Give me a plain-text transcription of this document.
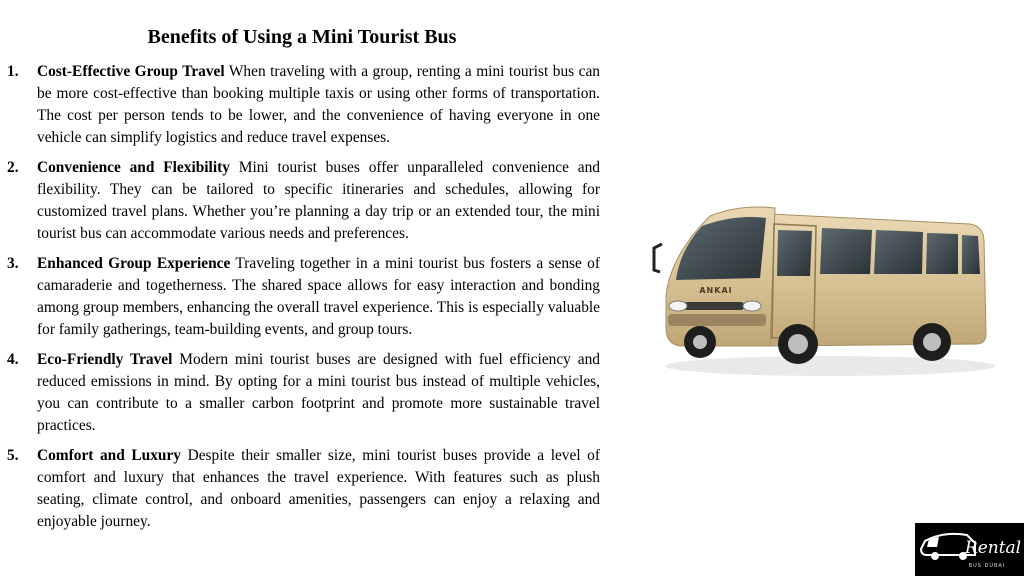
Benefits of Using a Mini Tourist Bus
1. Cost-Effective Group Travel When traveling with a group, renting a mini tourist bus can be more cost-effective than booking multiple taxis or using other forms of transportation. The cost per person tends to be lower, and the convenience of having everyone in one vehicle can simplify logistics and reduce travel expenses.
2. Convenience and Flexibility Mini tourist buses offer unparalleled convenience and flexibility. They can be tailored to specific itineraries and schedules, allowing for customized travel plans. Whether you’re planning a day trip or an extended tour, the mini tourist bus can accommodate various needs and preferences.
3. Enhanced Group Experience Traveling together in a mini tourist bus fosters a sense of camaraderie and togetherness. The shared space allows for easy interaction and bonding among group members, enhancing the overall travel experience. This is especially valuable for family gatherings, team-building events, and group tours.
4. Eco-Friendly Travel Modern mini tourist buses are designed with fuel efficiency and reduced emissions in mind. By opting for a mini tourist bus instead of multiple vehicles, you can contribute to a smaller carbon footprint and promote more sustainable travel practices.
5. Comfort and Luxury Despite their smaller size, mini tourist buses provide a level of comfort and luxury that enhances the travel experience. With features such as plush seating, climate control, and onboard amenities, passengers can enjoy a relaxing and enjoyable journey.
ANKAI
Rental
BUS DUBAI
